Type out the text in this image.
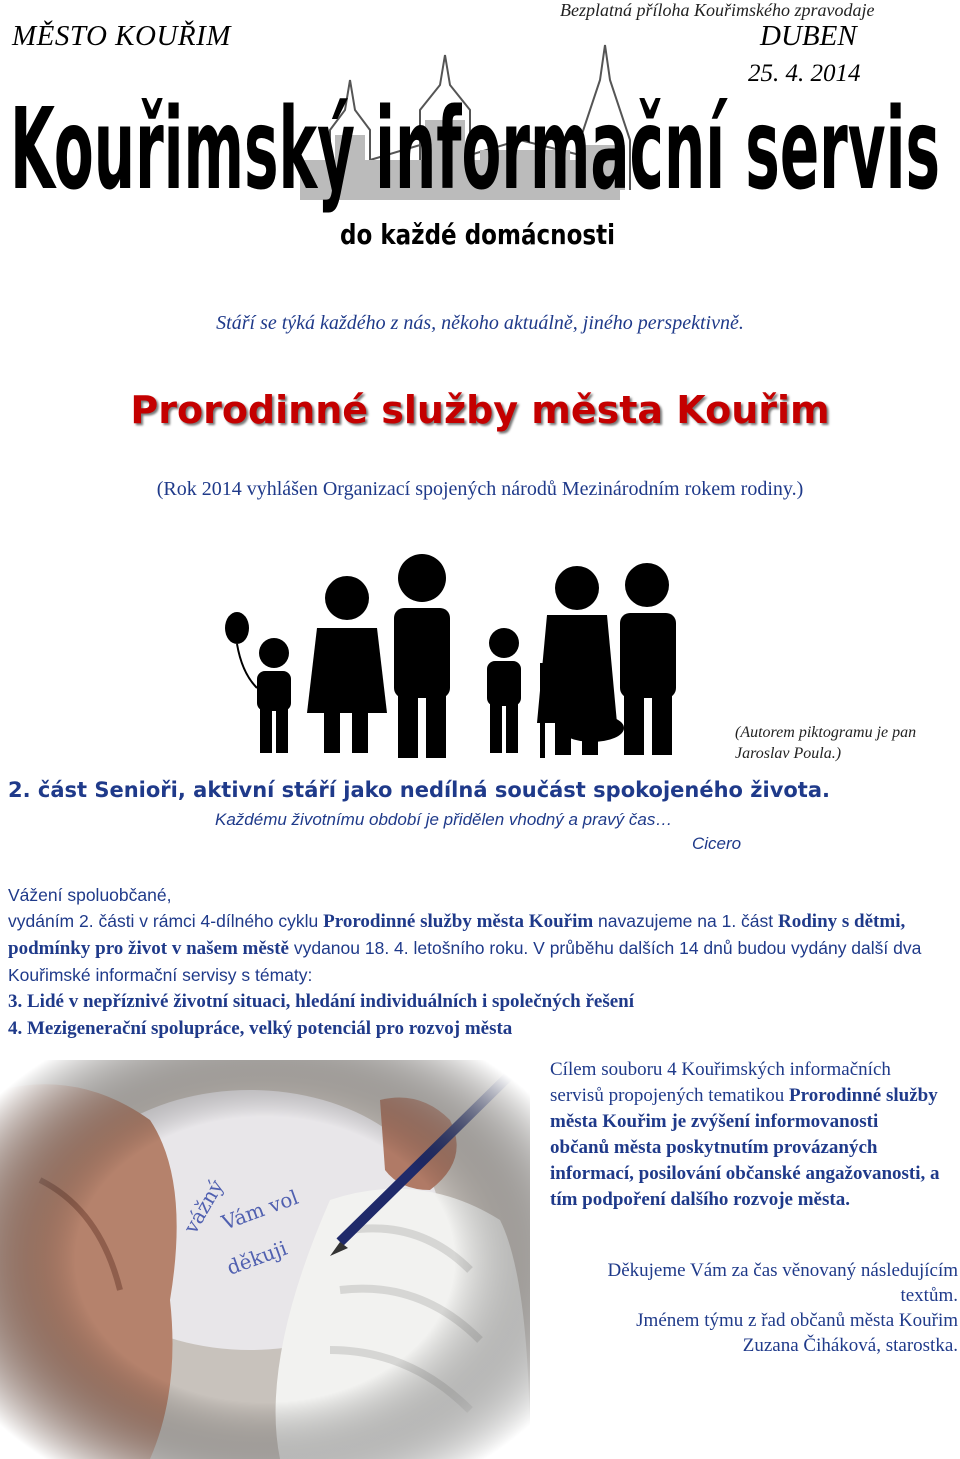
MĚSTO KOUŘIM
Bezplatná příloha Kouřimského zpravodaje
DUBEN
25. 4. 2014
Kouřimský informační servis
do každé domácnosti
Stáří se týká každého z nás, někoho aktuálně, jiného perspektivně.
Prorodinné služby města Kouřim
(Rok 2014 vyhlášen Organizací spojených národů Mezinárodním rokem rodiny.)
(Autorem piktogramu je pan
Jaroslav Poula.)
2. část Senioři, aktivní stáří jako nedílná součást spokojeného života.
Každému životnímu období je přidělen vhodný a pravý čas…
Cicero
Vážení spoluobčané,
vydáním 2. části v rámci 4-dílného cyklu Prorodinné služby města Kouřim navazujeme na 1. část Rodiny s dětmi, podmínky pro život v našem městě vydanou 18. 4. letošního roku. V průběhu dalších 14 dnů budou vydány další dva Kouřimské informační servisy s tématy:
3. Lidé v nepříznivé životní situaci, hledání individuálních i společných řešení
4. Mezigenerační spolupráce, velký potenciál pro rozvoj města
Cílem souboru 4 Kouřimských informačních servisů propojených tematikou Prorodinné služby města Kouřim je zvýšení informovanosti občanů města poskytnutím provázaných informací, posilování občanské angažovanosti, a tím podpoření dalšího rozvoje města.
Děkujeme Vám za čas věnovaný následujícím textům.
Jménem týmu z řad občanů města Kouřim
Zuzana Čiháková, starostka.
